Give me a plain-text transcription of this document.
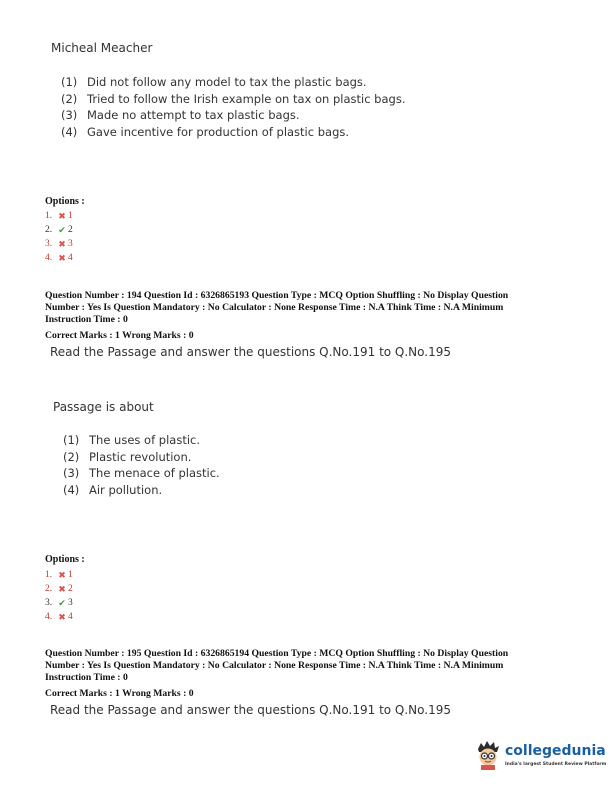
Micheal Meacher
(1) Did not follow any model to tax the plastic bags.
(2) Tried to follow the Irish example on tax on plastic bags.
(3) Made no attempt to tax plastic bags.
(4) Gave incentive for production of plastic bags.
Options :
1. ✖ 1
2. ✔ 2
3. ✖ 3
4. ✖ 4
Question Number : 194 Question Id : 6326865193 Question Type : MCQ Option Shuffling : No Display Question
Number : Yes Is Question Mandatory : No Calculator : None Response Time : N.A Think Time : N.A Minimum
Instruction Time : 0
Correct Marks : 1 Wrong Marks : 0
Read the Passage and answer the questions Q.No.191 to Q.No.195
Passage is about
(1) The uses of plastic.
(2) Plastic revolution.
(3) The menace of plastic.
(4) Air pollution.
Options :
1. ✖ 1
2. ✖ 2
3. ✔ 3
4. ✖ 4
Question Number : 195 Question Id : 6326865194 Question Type : MCQ Option Shuffling : No Display Question
Number : Yes Is Question Mandatory : No Calculator : None Response Time : N.A Think Time : N.A Minimum
Instruction Time : 0
Correct Marks : 1 Wrong Marks : 0
Read the Passage and answer the questions Q.No.191 to Q.No.195
collegedunia
India's largest Student Review Platform
